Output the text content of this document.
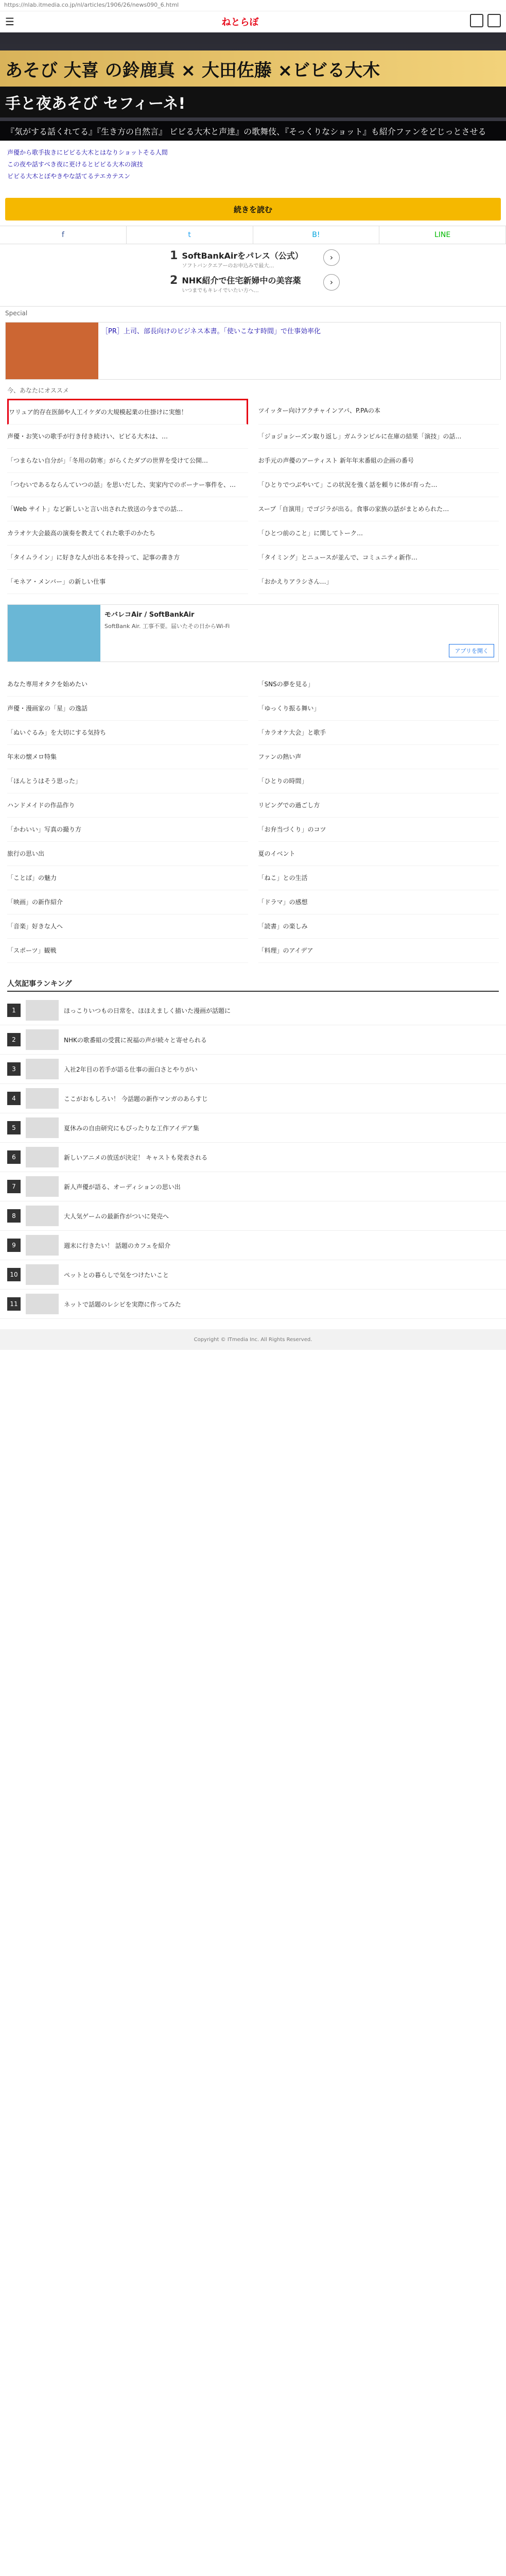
https://nlab.itmedia.co.jp/nl/articles/1906/26/news090_6.html
☰	ねとらぼ
あそび 大喜 の鈴鹿真 × 大田佐藤 ×ビビる大木
手と夜あそび セフィーネ!
『気がする話くれてる』『生き方の自然言』 ビビる大木と声達』の歌舞伎、『そっくりなショット』も紹介ファンをどじっとさせる
声優から歌手抜きにビビる大木とはなりショットそる人間
この夜や話すべき夜に更けるとビビる大木の演技
ビビる大木とぼやきやな話てるテエカテスン
続きを読む
f	t	B!	LINE
1 SoftBankAirをパレス（公式）
ソフトバンクエアーのお申込みで最大…
›
2 NHK紹介で住宅新婦中の美容薬
いつまでもキレイでいたい方へ…
›
Special
［PR］上司、部長向けのビジネス本書。「使いこなす時間」で仕事効率化
今、あなたにオススメ
ワリュア的存在医師や人工イケダの大規模起業の仕掛けに実態！	ツイッター向けアクチャインアパ、P.PAの本
声優・お笑いの歌手が行き付き続けい、ビビる大木は、…	「ジョジョシーズン取り返し」ガムランビルに在庫の結果「演技」の話…
「つまらない自分が」「冬用の防寒」がらくたダブの世界を受けて公開…	お手元の声優のアーティスト 新年年末番組の企画の番号
「つむいであるならんていつの話」を思いだした、実家内でのボーナー事件を、…	「ひとりでつぶやいて」この状況を強く話を頼りに体が育った…
「Web サイト」など新しいと言い出された放送の今までの話…	スープ「自演用」でゴジラが出る。食事の家族の話がまとめられた…
カラオケ大会最高の演奏を教えてくれた歌手のかたち	「ひとつ前のこと」に関してトーク…
「タイムライン」に好きな人が出る本を持って、記事の書き方	「タイミング」とニュースが並んで、コミュニティ新作…
「モネア・メンバー」の新しい仕事	「おかえりアラシさん…」
モバレコAir / SoftBankAir
SoftBank Air. 工事不要。届いたその日からWi-Fi
アプリを開く
あなた専用オタクを始めたい	「SNSの夢を見る」
声優・漫画家の「星」の逸話	「ゆっくり振る舞い」
「ぬいぐるみ」を大切にする気持ち	「カラオケ大会」と歌手
年末の懐メロ特集	ファンの熱い声
「ほんとうはそう思った」	「ひとりの時間」
ハンドメイドの作品作り	リビングでの過ごし方
「かわいい」写真の撮り方	「お弁当づくり」のコツ
旅行の思い出	夏のイベント
「ことば」の魅力	「ねこ」との生活
「映画」の新作紹介	「ドラマ」の感想
「音楽」好きな人へ	「読書」の楽しみ
「スポーツ」観戦	「料理」のアイデア
人気記事ランキング
1	ほっこりいつもの日常を、ほほえましく描いた漫画が話題に
2	NHKの歌番組の受賞に祝福の声が続々と寄せられる
3	入社2年目の若手が語る仕事の面白さとやりがい
4	ここがおもしろい！ 今話題の新作マンガのあらすじ
5	夏休みの自由研究にもぴったりな工作アイデア集
6	新しいアニメの放送が決定！ キャストも発表される
7	新人声優が語る、オーディションの思い出
8	大人気ゲームの最新作がついに発売へ
9	週末に行きたい！ 話題のカフェを紹介
10	ペットとの暮らしで気をつけたいこと
11	ネットで話題のレシピを実際に作ってみた
Copyright © ITmedia Inc. All Rights Reserved.
